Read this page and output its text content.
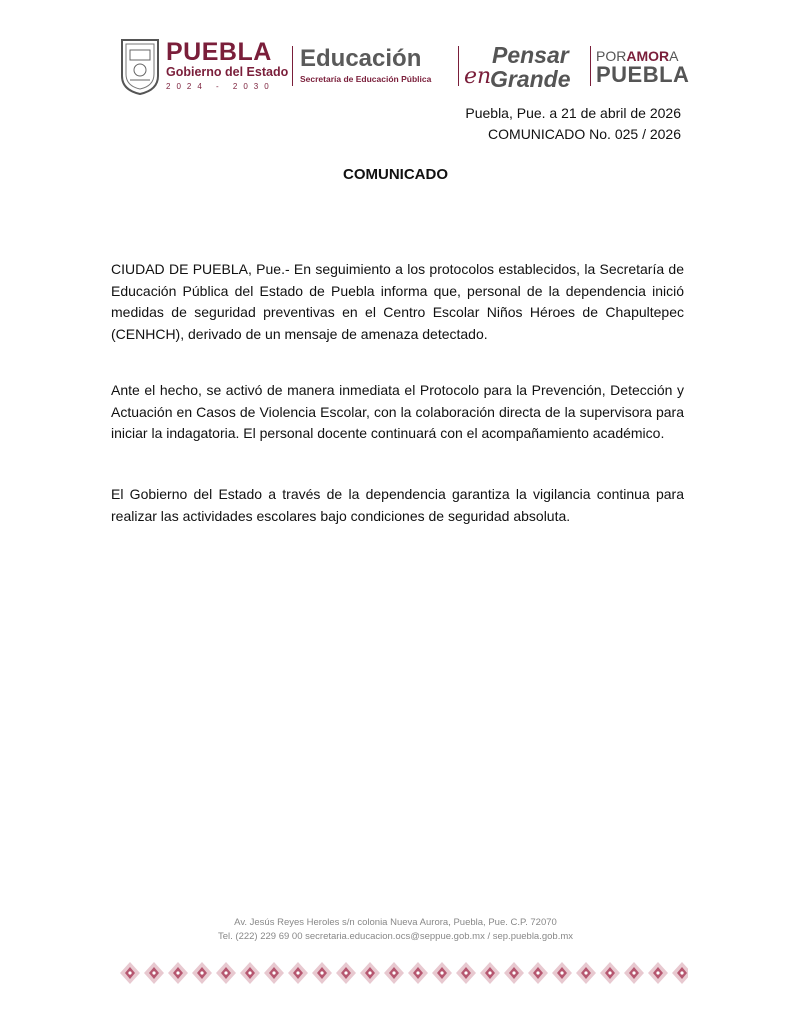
PUEBLA
Gobierno del Estado
2024 - 2030
Educación
Secretaría de Educación Pública
Pensar
en
Grande
PORAMORA
PUEBLA
Puebla, Pue. a 21 de abril de 2026
COMUNICADO No. 025 / 2026
COMUNICADO
CIUDAD DE PUEBLA, Pue.- En seguimiento a los protocolos establecidos, la Secretaría de Educación Pública del Estado de Puebla informa que, personal de la dependencia inició medidas de seguridad preventivas en el Centro Escolar Niños Héroes de Chapultepec (CENHCH), derivado de un mensaje de amenaza detectado.
Ante el hecho, se activó de manera inmediata el Protocolo para la Prevención, Detección y Actuación en Casos de Violencia Escolar, con la colaboración directa de la supervisora para iniciar la indagatoria. El personal docente continuará con el acompañamiento académico.
El Gobierno del Estado a través de la dependencia garantiza la vigilancia continua para realizar las actividades escolares bajo condiciones de seguridad absoluta.
Av. Jesús Reyes Heroles s/n colonia Nueva Aurora, Puebla, Pue. C.P. 72070
Tel. (222) 229 69 00 secretaria.educacion.ocs@seppue.gob.mx / sep.puebla.gob.mx
